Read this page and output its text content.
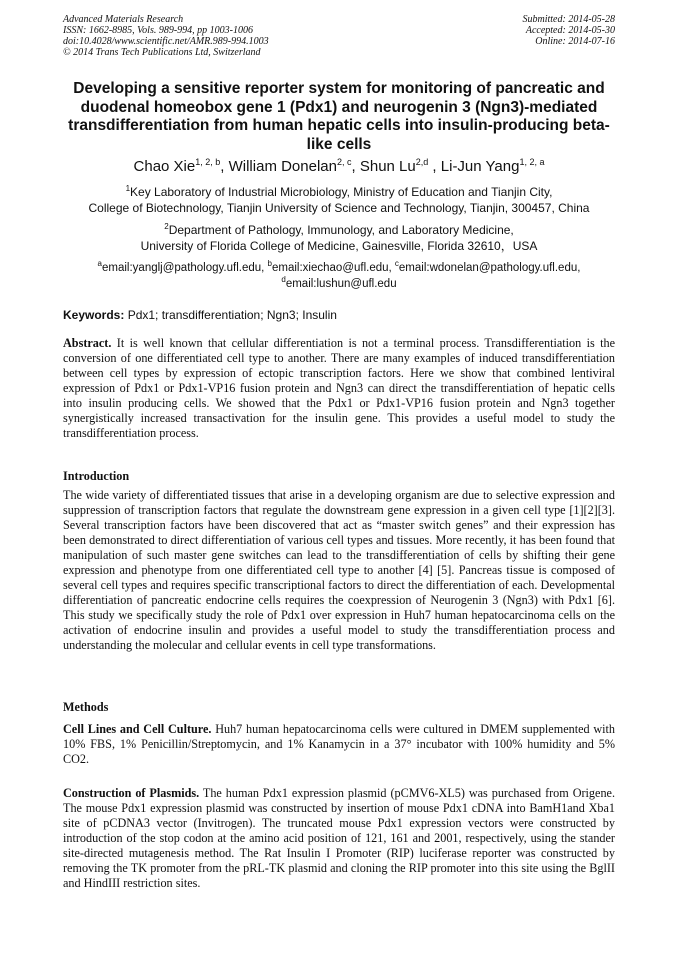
Advanced Materials Research
ISSN: 1662-8985, Vols. 989-994, pp 1003-1006
doi:10.4028/www.scientific.net/AMR.989-994.1003
© 2014 Trans Tech Publications Ltd, Switzerland
Submitted: 2014-05-28
Accepted: 2014-05-30
Online: 2014-07-16
Developing a sensitive reporter system for monitoring of pancreatic and duodenal homeobox gene 1 (Pdx1) and neurogenin 3 (Ngn3)-mediated transdifferentiation from human hepatic cells into insulin-producing beta-like cells
Chao Xie$^{1, 2, b}$, William Donelan$^{2, c}$, Shun Lu$^{2,d}$ , Li-Jun Yang$^{1, 2, a}$
$^1$Key Laboratory of Industrial Microbiology, Ministry of Education and Tianjin City,
College of Biotechnology, Tianjin University of Science and Technology, Tianjin, 300457, China
$^2$Department of Pathology, Immunology, and Laboratory Medicine,
University of Florida College of Medicine, Gainesville, Florida 32610，USA
$^a$email:yanglj@pathology.ufl.edu, $^b$email:xiechao@ufl.edu, $^c$email:wdonelan@pathology.ufl.edu,
$^d$email:lushun@ufl.edu
Keywords: Pdx1; transdifferentiation; Ngn3; Insulin
Abstract. It is well known that cellular differentiation is not a terminal process. Transdifferentiation is the conversion of one differentiated cell type to another. There are many examples of induced transdifferentiation between cell types by expression of ectopic transcription factors. Here we show that combined lentiviral expression of Pdx1 or Pdx1-VP16 fusion protein and Ngn3 can direct the transdifferentiation of hepatic cells into insulin producing cells. We showed that the Pdx1 or Pdx1-VP16 fusion protein and Ngn3 together synergistically increased transactivation for the insulin gene. This provides a useful model to study the transdifferentiation process.
Introduction
The wide variety of differentiated tissues that arise in a developing organism are due to selective expression and suppression of transcription factors that regulate the downstream gene expression in a given cell type [1][2][3]. Several transcription factors have been discovered that act as “master switch genes” and their expression has been demonstrated to direct differentiation of various cell types and tissues. More recently, it has been found that manipulation of such master gene switches can lead to the transdifferentiation of cells by shifting their gene expression and phenotype from one differentiated cell type to another [4] [5]. Pancreas tissue is composed of several cell types and requires specific transcriptional factors to direct the differentiation of each. Developmental differentiation of pancreatic endocrine cells requires the coexpression of Neurogenin 3 (Ngn3) with Pdx1 [6]. This study we specifically study the role of Pdx1 over expression in Huh7 human hepatocarcinoma cells on the activation of endocrine insulin and provides a useful model to study the transdifferentiation process and understanding the molecular and cellular events in cell type transformations.
Methods
Cell Lines and Cell Culture. Huh7 human hepatocarcinoma cells were cultured in DMEM supplemented with 10% FBS, 1% Penicillin/Streptomycin, and 1% Kanamycin in a 37° incubator with 100% humidity and 5% CO2.
Construction of Plasmids. The human Pdx1 expression plasmid (pCMV6-XL5) was purchased from Origene. The mouse Pdx1 expression plasmid was constructed by insertion of mouse Pdx1 cDNA into BamH1and Xba1 site of pCDNA3 vector (Invitrogen). The truncated mouse Pdx1 expression vectors were constructed by introduction of the stop codon at the amino acid position of 121, 161 and 2001, respectively, using the stander site-directed mutagenesis method. The Rat Insulin I Promoter (RIP) luciferase reporter was constructed by removing the TK promoter from the pRL-TK plasmid and cloning the RIP promoter into this site using the BglII and HindIII restriction sites.
